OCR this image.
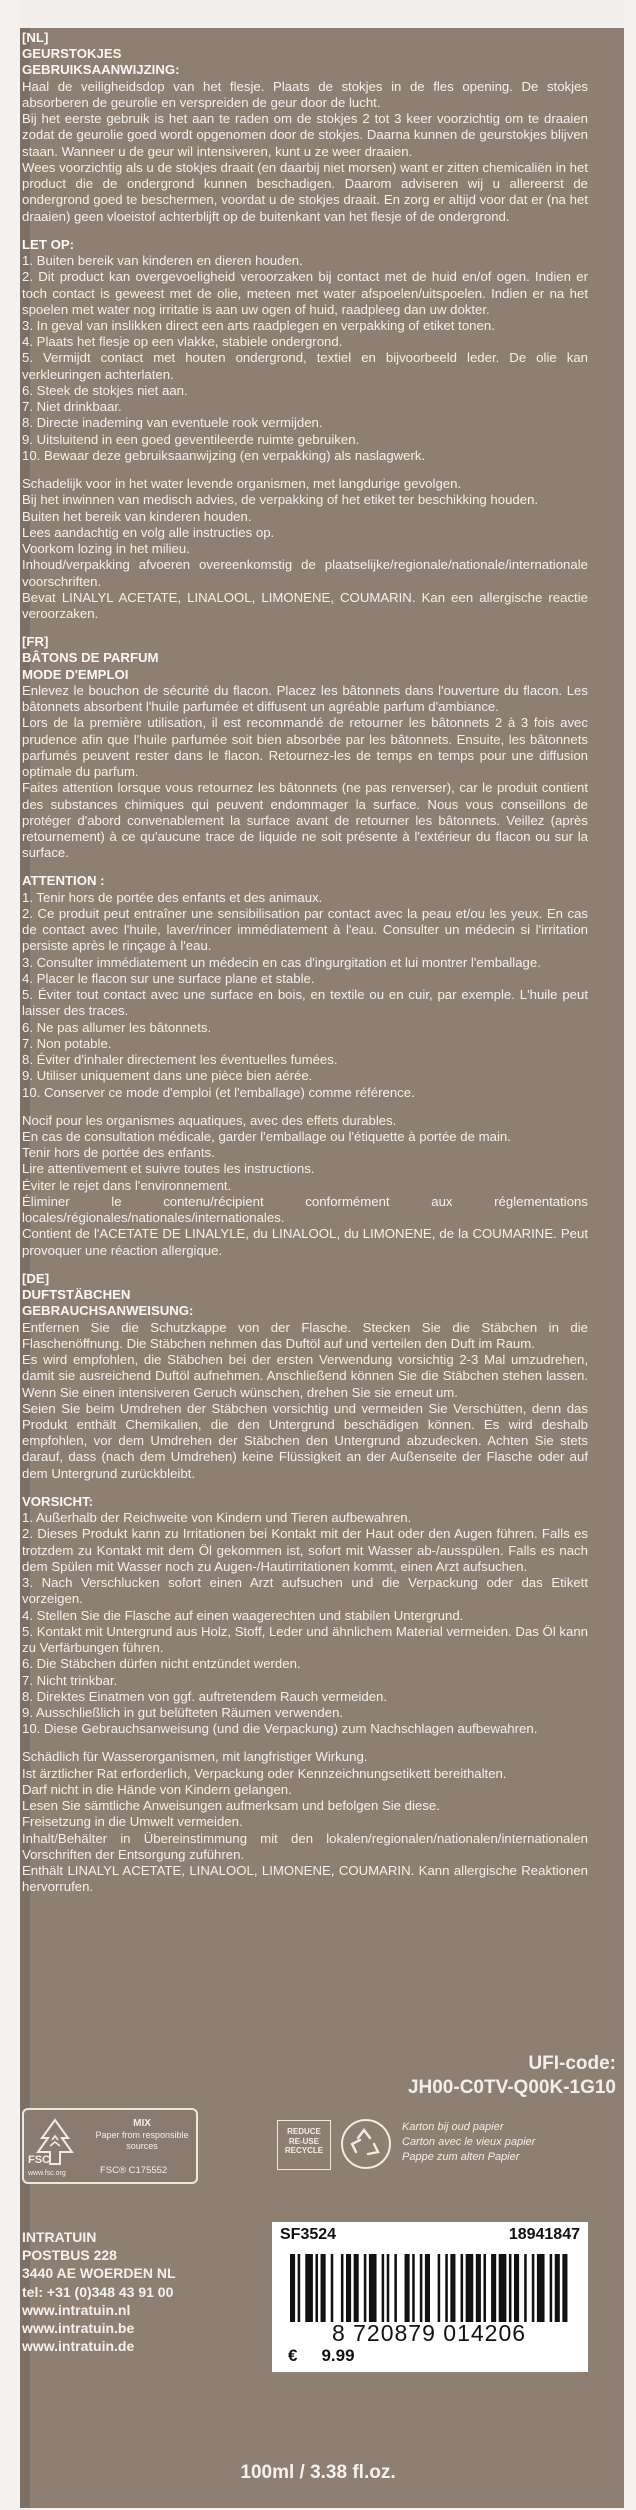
[NL]
GEURSTOKJES
GEBRUIKSAANWIJZING:
Haal de veiligheidsdop van het flesje. Plaats de stokjes in de fles opening. De stokjes absorberen de geurolie en verspreiden de geur door de lucht.
Bij het eerste gebruik is het aan te raden om de stokjes 2 tot 3 keer voorzichtig om te draaien zodat de geurolie goed wordt opgenomen door de stokjes. Daarna kunnen de geurstokjes blijven staan. Wanneer u de geur wil intensiveren, kunt u ze weer draaien.
Wees voorzichtig als u de stokjes draait (en daarbij niet morsen) want er zitten chemicaliën in het product die de ondergrond kunnen beschadigen. Daarom adviseren wij u allereerst de ondergrond goed te beschermen, voordat u de stokjes draait. En zorg er altijd voor dat er (na het draaien) geen vloeistof achterblijft op de buitenkant van het flesje of de ondergrond.
LET OP:
1. Buiten bereik van kinderen en dieren houden.
2. Dit product kan overgevoeligheid veroorzaken bij contact met de huid en/of ogen. Indien er toch contact is geweest met de olie, meteen met water afspoelen/uitspoelen. Indien er na het spoelen met water nog irritatie is aan uw ogen of huid, raadpleeg dan uw dokter.
3. In geval van inslikken direct een arts raadplegen en verpakking of etiket tonen.
4. Plaats het flesje op een vlakke, stabiele ondergrond.
5. Vermijdt contact met houten ondergrond, textiel en bijvoorbeeld leder. De olie kan verkleuringen achterlaten.
6. Steek de stokjes niet aan.
7. Niet drinkbaar.
8. Directe inademing van eventuele rook vermijden.
9. Uitsluitend in een goed geventileerde ruimte gebruiken.
10. Bewaar deze gebruiksaanwijzing (en verpakking) als naslagwerk.
Schadelijk voor in het water levende organismen, met langdurige gevolgen.
Bij het inwinnen van medisch advies, de verpakking of het etiket ter beschikking houden.
Buiten het bereik van kinderen houden.
Lees aandachtig en volg alle instructies op.
Voorkom lozing in het milieu.
Inhoud/verpakking afvoeren overeenkomstig de plaatselijke/regionale/nationale/internationale voorschriften.
Bevat LINALYL ACETATE, LINALOOL, LIMONENE, COUMARIN. Kan een allergische reactie veroorzaken.
[FR]
BÂTONS DE PARFUM
MODE D'EMPLOI
Enlevez le bouchon de sécurité du flacon. Placez les bâtonnets dans l'ouverture du flacon. Les bâtonnets absorbent l'huile parfumée et diffusent un agréable parfum d'ambiance.
Lors de la première utilisation, il est recommandé de retourner les bâtonnets 2 à 3 fois avec prudence afin que l'huile parfumée soit bien absorbée par les bâtonnets. Ensuite, les bâtonnets parfumés peuvent rester dans le flacon. Retournez-les de temps en temps pour une diffusion optimale du parfum.
Faites attention lorsque vous retournez les bâtonnets (ne pas renverser), car le produit contient des substances chimiques qui peuvent endommager la surface. Nous vous conseillons de protéger d'abord convenablement la surface avant de retourner les bâtonnets. Veillez (après retournement) à ce qu'aucune trace de liquide ne soit présente à l'extérieur du flacon ou sur la surface.
ATTENTION :
1. Tenir hors de portée des enfants et des animaux.
2. Ce produit peut entraîner une sensibilisation par contact avec la peau et/ou les yeux. En cas de contact avec l'huile, laver/rincer immédiatement à l'eau. Consulter un médecin si l'irritation persiste après le rinçage à l'eau.
3. Consulter immédiatement un médecin en cas d'ingurgitation et lui montrer l'emballage.
4. Placer le flacon sur une surface plane et stable.
5. Éviter tout contact avec une surface en bois, en textile ou en cuir, par exemple. L'huile peut laisser des traces.
6. Ne pas allumer les bâtonnets.
7. Non potable.
8. Éviter d'inhaler directement les éventuelles fumées.
9. Utiliser uniquement dans une pièce bien aérée.
10. Conserver ce mode d'emploi (et l'emballage) comme référence.
Nocif pour les organismes aquatiques, avec des effets durables.
En cas de consultation médicale, garder l'emballage ou l'étiquette à portée de main.
Tenir hors de portée des enfants.
Lire attentivement et suivre toutes les instructions.
Éviter le rejet dans l'environnement.
Éliminer le contenu/récipient conformément aux réglementations locales/régionales/nationales/internationales.
Contient de l'ACETATE DE LINALYLE, du LINALOOL, du LIMONENE, de la COUMARINE. Peut provoquer une réaction allergique.
[DE]
DUFTSTÄBCHEN
GEBRAUCHSANWEISUNG:
Entfernen Sie die Schutzkappe von der Flasche. Stecken Sie die Stäbchen in die Flaschenöffnung. Die Stäbchen nehmen das Duftöl auf und verteilen den Duft im Raum.
Es wird empfohlen, die Stäbchen bei der ersten Verwendung vorsichtig 2-3 Mal umzudrehen, damit sie ausreichend Duftöl aufnehmen. Anschließend können Sie die Stäbchen stehen lassen. Wenn Sie einen intensiveren Geruch wünschen, drehen Sie sie erneut um.
Seien Sie beim Umdrehen der Stäbchen vorsichtig und vermeiden Sie Verschütten, denn das Produkt enthält Chemikalien, die den Untergrund beschädigen können. Es wird deshalb empfohlen, vor dem Umdrehen der Stäbchen den Untergrund abzudecken. Achten Sie stets darauf, dass (nach dem Umdrehen) keine Flüssigkeit an der Außenseite der Flasche oder auf dem Untergrund zurückbleibt.
VORSICHT:
1. Außerhalb der Reichweite von Kindern und Tieren aufbewahren.
2. Dieses Produkt kann zu Irritationen bei Kontakt mit der Haut oder den Augen führen. Falls es trotzdem zu Kontakt mit dem Öl gekommen ist, sofort mit Wasser ab-/ausspülen. Falls es nach dem Spülen mit Wasser noch zu Augen-/Hautirritationen kommt, einen Arzt aufsuchen.
3. Nach Verschlucken sofort einen Arzt aufsuchen und die Verpackung oder das Etikett vorzeigen.
4. Stellen Sie die Flasche auf einen waagerechten und stabilen Untergrund.
5. Kontakt mit Untergrund aus Holz, Stoff, Leder und ähnlichem Material vermeiden. Das Öl kann zu Verfärbungen führen.
6. Die Stäbchen dürfen nicht entzündet werden.
7. Nicht trinkbar.
8. Direktes Einatmen von ggf. auftretendem Rauch vermeiden.
9. Ausschließlich in gut belüfteten Räumen verwenden.
10. Diese Gebrauchsanweisung (und die Verpackung) zum Nachschlagen aufbewahren.
Schädlich für Wasserorganismen, mit langfristiger Wirkung.
Ist ärztlicher Rat erforderlich, Verpackung oder Kennzeichnungsetikett bereithalten.
Darf nicht in die Hände von Kindern gelangen.
Lesen Sie sämtliche Anweisungen aufmerksam und befolgen Sie diese.
Freisetzung in die Umwelt vermeiden.
Inhalt/Behälter in Übereinstimmung mit den lokalen/regionalen/nationalen/internationalen Vorschriften der Entsorgung zuführen.
Enthält LINALYL ACETATE, LINALOOL, LIMONENE, COUMARIN. Kann allergische Reaktionen hervorrufen.
UFI-code:
JH00-C0TV-Q00K-1G10
MIX
Paper from responsible sources
FSC
www.fsc.org	FSC® C175552
REDUCE
RE-USE
RECYCLE
Karton bij oud papier
Carton avec le vieux papier
Pappe zum alten Papier
INTRATUIN
POSTBUS 228
3440 AE WOERDEN NL
tel: +31 (0)348 43 91 00
www.intratuin.nl
www.intratuin.be
www.intratuin.de
SF3524	18941847
8 720879 014206
€ 9.99
100ml / 3.38 fl.oz.
